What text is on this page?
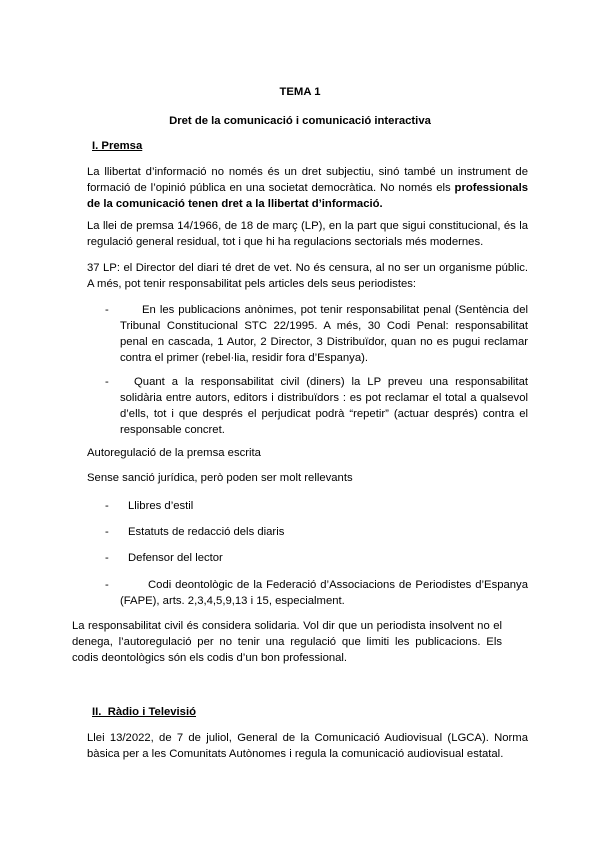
TEMA 1
Dret de la comunicació i comunicació interactiva
I. Premsa

La llibertat d’informació no només és un dret subjectiu, sinó també un instrument de formació de l’opinió pública en una societat democràtica. No només els professionals de la comunicació tenen dret a la llibertat d’informació.

La llei de premsa 14/1966, de 18 de març (LP), en la part que sigui constitucional, és la regulació general residual, tot i que hi ha regulacions sectorials més modernes.

37 LP: el Director del diari té dret de vet. No és censura, al no ser un organisme públic. A més, pot tenir responsabilitat pels articles dels seus periodistes:

-	En les publicacions anònimes, pot tenir responsabilitat penal (Sentència del Tribunal Constitucional STC 22/1995. A més, 30 Codi Penal: responsabilitat penal en cascada, 1 Autor, 2 Director, 3 Distribuïdor, quan no es pugui reclamar contra el primer (rebel·lia, residir fora d’Espanya).

-	Quant a la responsabilitat civil (diners) la LP preveu una responsabilitat solidària entre autors, editors i distribuïdors : es pot reclamar el total a qualsevol d’ells, tot i que després el perjudicat podrà “repetir” (actuar després) contra el responsable concret.

Autoregulació de la premsa escrita

Sense sanció jurídica, però poden ser molt rellevants

- Llibres d’estil
- Estatuts de redacció dels diaris
- Defensor del lector
-	Codi deontològic de la Federació d’Associacions de Periodistes d’Espanya (FAPE), arts. 2,3,4,5,9,13 i 15, especialment.

La responsabilitat civil és considera solidaria. Vol dir que un periodista insolvent no el denega, l’autoregulació per no tenir una regulació que limiti les publicacions. Els codis deontològics són els codis d’un bon professional.

II.  Ràdio i Televisió

Llei 13/2022, de 7 de juliol, General de la Comunicació Audiovisual (LGCA). Norma bàsica per a les Comunitats Autònomes i regula la comunicació audiovisual estatal.
